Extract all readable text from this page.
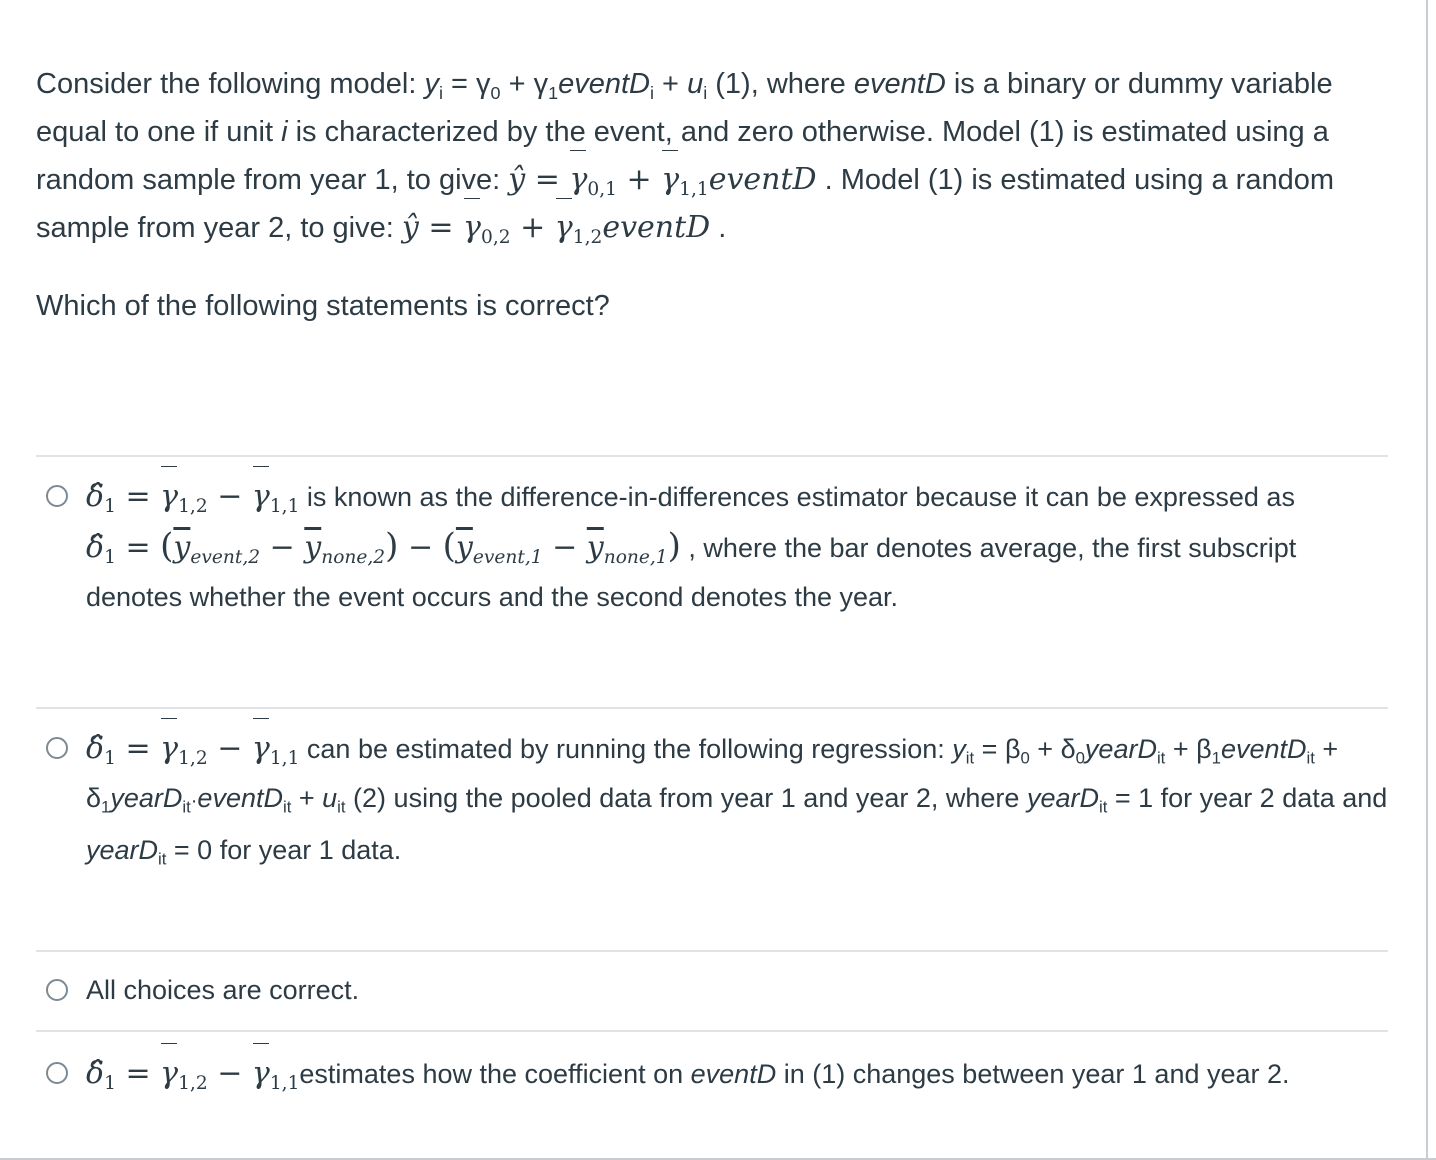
Consider the following model: $y_i = \gamma_0$ + $\gamma_1eventD_i + u_i$ (1), where eventD is a binary or dummy variable equal to one if unit i is characterized by the event, and zero otherwise. Model (1) is estimated using a random sample from year 1, to give: ŷ = $\gamma_{0,1}$ + $\gamma_{1,1}eventD$ . Model (1) is estimated using a random sample from year 2, to give: ŷ = $\gamma_{0,2}$ + $\gamma_{1,2}eventD$ .

Which of the following statements is correct?

$\deltâ_1 = \gamma_{1,2} - \gamma_{1,1}$ is known as the difference-in-differences estimator because it can be expressed as
$\deltâ_1 = (\overline{y}_{event,2} - \overline{y}_{none,2}) - (\overline{y}_{event,1} - \overline{y}_{none,1})$ , where the bar denotes average, the first subscript denotes whether the event occurs and the second denotes the year.
$\deltâ_1 = \gamma_{1,2} - \gamma_{1,1}$ can be estimated by running the following regression: $y_{it} = \beta_0$ + $\delta_0yearD_{it}$ + $\beta_1eventD_{it}$ + $\delta_1yearD_{it}\cdot eventD_{it} + u_{it}$ (2) using the pooled data from year 1 and year 2, where yearD$_{it}$ = 1 for year 2 data and yearD$_{it}$ = 0 for year 1 data.
All choices are correct.
$\deltâ_1 = \gamma_{1,2}$ − $\gamma_{1,1}estimates$ how the coefficient on eventD in (1) changes between year 1 and year 2.
